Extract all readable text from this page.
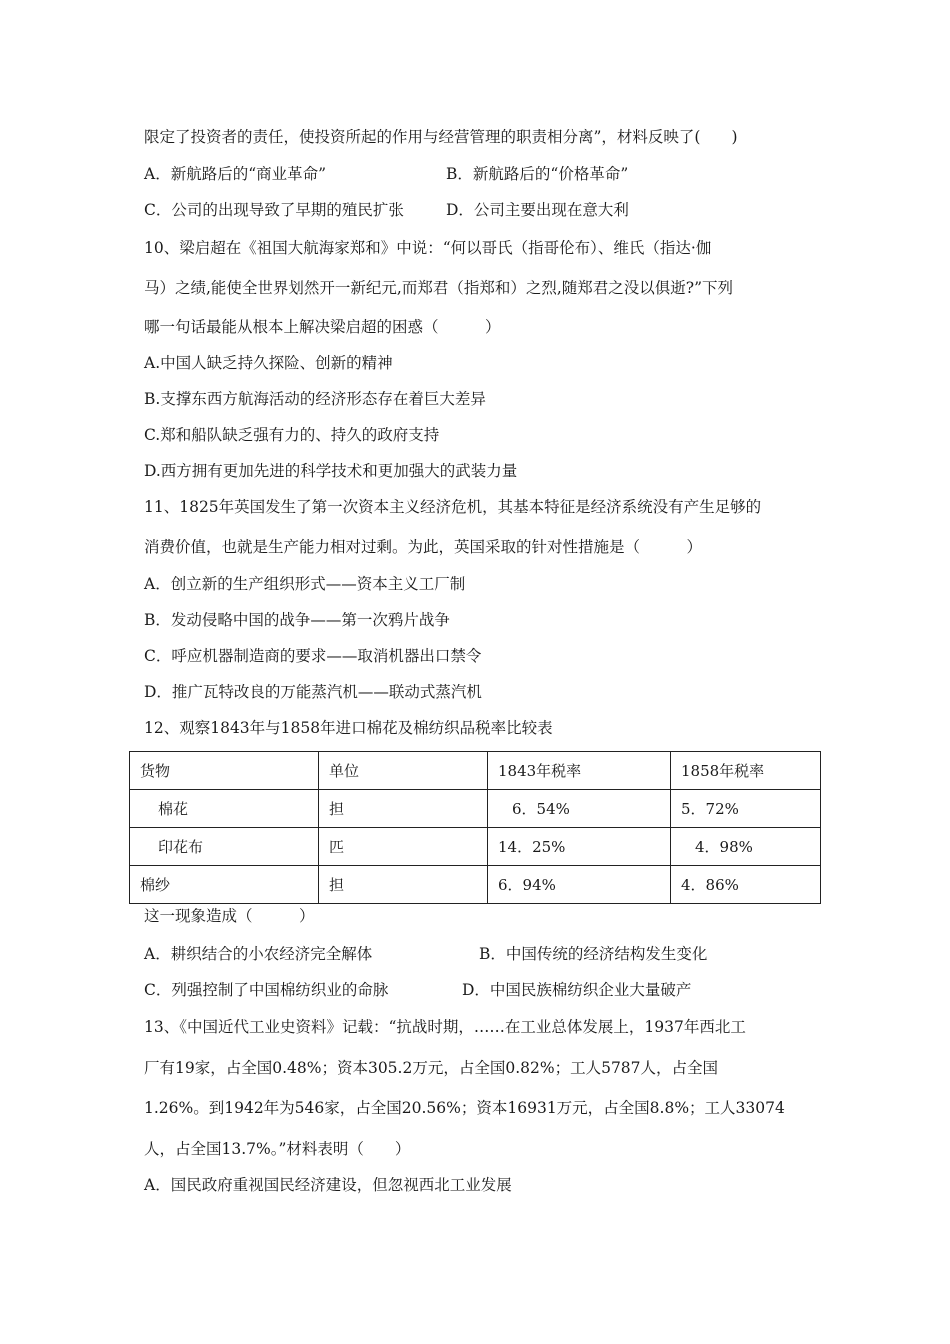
限定了投资者的责任，使投资所起的作用与经营管理的职责相分离”，材料反映了(　　)
A．新航路后的“商业革命”	B．新航路后的“价格革命”
C．公司的出现导致了早期的殖民扩张	D．公司主要出现在意大利
10、梁启超在《祖国大航海家郑和》中说：“何以哥氏（指哥伦布）、维氏（指达·伽
马）之绩,能使全世界划然开一新纪元,而郑君（指郑和）之烈,随郑君之没以俱逝?”下列
哪一句话最能从根本上解决梁启超的困惑（　　　）
A.中国人缺乏持久探险、创新的精神
B.支撑东西方航海活动的经济形态存在着巨大差异
C.郑和船队缺乏强有力的、持久的政府支持
D.西方拥有更加先进的科学技术和更加强大的武装力量
11、1825年英国发生了第一次资本主义经济危机，其基本特征是经济系统没有产生足够的
消费价值，也就是生产能力相对过剩。为此，英国采取的针对性措施是（　　　）
A．创立新的生产组织形式——资本主义工厂制
B．发动侵略中国的战争——第一次鸦片战争
C．呼应机器制造商的要求——取消机器出口禁令
D．推广瓦特改良的万能蒸汽机——联动式蒸汽机
12、观察1843年与1858年进口棉花及棉纺织品税率比较表
货物	单位	1843年税率	1858年税率
棉花	担	6．54%	5．72%
印花布	匹	14．25%	4．98%
棉纱	担	6．94%	4．86%
这一现象造成（　　　）
A．耕织结合的小农经济完全解体	B．中国传统的经济结构发生变化
C．列强控制了中国棉纺织业的命脉	D．中国民族棉纺织企业大量破产
13、《中国近代工业史资料》记载：“抗战时期，……在工业总体发展上，1937年西北工
厂有19家，占全国0.48%；资本305.2万元，占全国0.82%；工人5787人，占全国
1.26%。到1942年为546家，占全国20.56%；资本16931万元，占全国8.8%；工人33074
人，占全国13.7%。”材料表明（　　）
A．国民政府重视国民经济建设，但忽视西北工业发展
